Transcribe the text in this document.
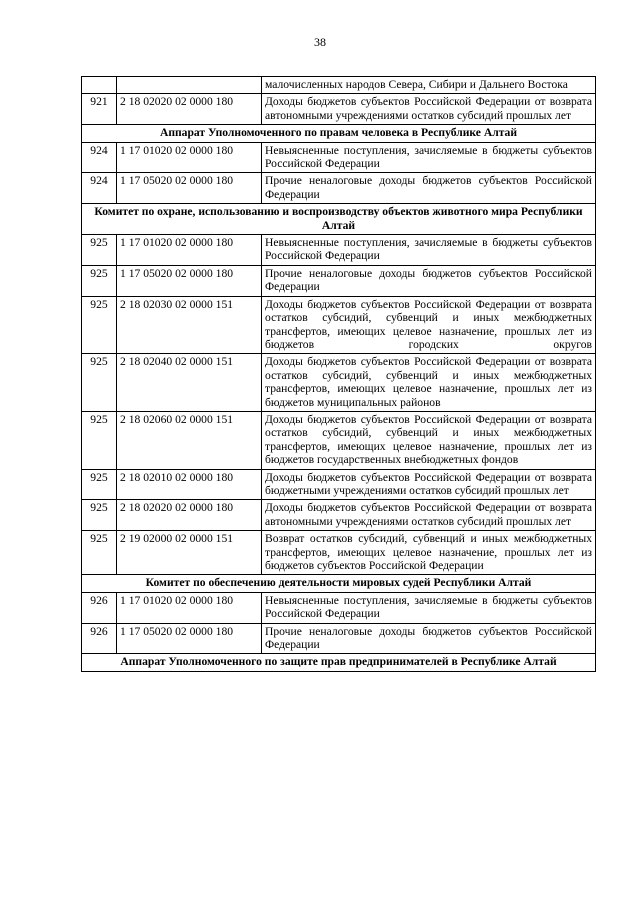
38
		малочисленных народов Севера, Сибири и Дальнего Востока
921	2 18 02020 02 0000 180	Доходы бюджетов субъектов Российской Федерации от возврата автономными учреждениями остатков субсидий прошлых лет
Аппарат Уполномоченного по правам человека в Республике Алтай		
924	1 17 01020 02 0000 180	Невыясненные поступления, зачисляемые в бюджеты субъектов Российской Федерации
924	1 17 05020 02 0000 180	Прочие неналоговые доходы бюджетов субъектов Российской Федерации
Комитет по охране, использованию и воспроизводству объектов животного мира Республики Алтай		
925	1 17 01020 02 0000 180	Невыясненные поступления, зачисляемые в бюджеты субъектов Российской Федерации
925	1 17 05020 02 0000 180	Прочие неналоговые доходы бюджетов субъектов Российской Федерации
925	2 18 02030 02 0000 151	Доходы бюджетов субъектов Российской Федерации от возврата остатков субсидий, субвенций и иных межбюджетных трансфертов, имеющих целевое назначение, прошлых лет из бюджетов городских округов
925	2 18 02040 02 0000 151	Доходы бюджетов субъектов Российской Федерации от возврата остатков субсидий, субвенций и иных межбюджетных трансфертов, имеющих целевое назначение, прошлых лет из бюджетов муниципальных районов
925	2 18 02060 02 0000 151	Доходы бюджетов субъектов Российской Федерации от возврата остатков субсидий, субвенций и иных межбюджетных трансфертов, имеющих целевое назначение, прошлых лет из бюджетов государственных внебюджетных фондов
925	2 18 02010 02 0000 180	Доходы бюджетов субъектов Российской Федерации от возврата бюджетными учреждениями остатков субсидий прошлых лет
925	2 18 02020 02 0000 180	Доходы бюджетов субъектов Российской Федерации от возврата автономными учреждениями остатков субсидий прошлых лет
925	2 19 02000 02 0000 151	Возврат остатков субсидий, субвенций и иных межбюджетных трансфертов, имеющих целевое назначение, прошлых лет из бюджетов субъектов Российской Федерации
Комитет по обеспечению деятельности мировых судей Республики Алтай		
926	1 17 01020 02 0000 180	Невыясненные поступления, зачисляемые в бюджеты субъектов Российской Федерации
926	1 17 05020 02 0000 180	Прочие неналоговые доходы бюджетов субъектов Российской Федерации
Аппарат Уполномоченного по защите прав предпринимателей в Республике Алтай		
